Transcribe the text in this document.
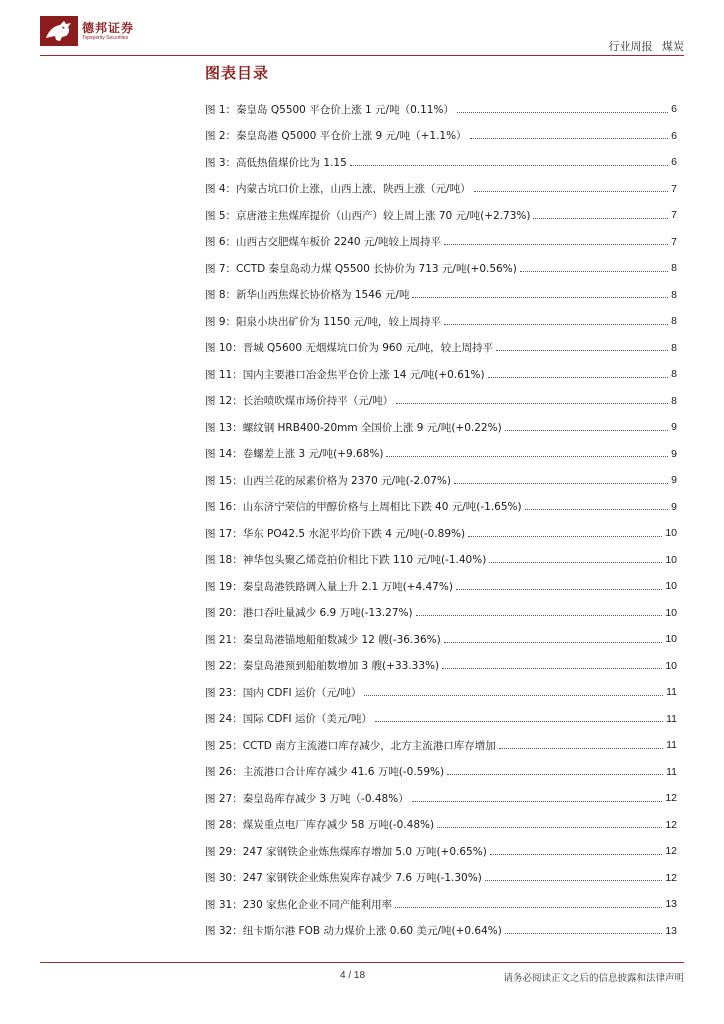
德邦证券
Topsperity Securities
行业周报 煤炭
图表目录
图 1： 秦皇岛 Q5500 平仓价上涨 1 元/吨（0.11%）	6
图 2： 秦皇岛港 Q5000 平仓价上涨 9 元/吨（+1.1%）	6
图 3： 高低热值煤价比为 1.15	6
图 4： 内蒙古坑口价上涨，山西上涨，陕西上涨（元/吨）	7
图 5： 京唐港主焦煤库提价（山西产）较上周上涨 70 元/吨(+2.73%)	7
图 6： 山西古交肥煤车板价 2240 元/吨较上周持平	7
图 7： CCTD 秦皇岛动力煤 Q5500 长协价为 713 元/吨(+0.56%)	8
图 8： 新华山西焦煤长协价格为 1546 元/吨	8
图 9： 阳泉小块出矿价为 1150 元/吨，较上周持平	8
图 10： 晋城 Q5600 无烟煤坑口价为 960 元/吨，较上周持平	8
图 11： 国内主要港口冶金焦平仓价上涨 14 元/吨(+0.61%)	8
图 12： 长治喷吹煤市场价持平（元/吨）	8
图 13： 螺纹钢 HRB400-20mm 全国价上涨 9 元/吨(+0.22%)	9
图 14： 卷螺差上涨 3 元/吨(+9.68%)	9
图 15： 山西兰花的尿素价格为 2370 元/吨(-2.07%)	9
图 16： 山东济宁荣信的甲醇价格与上周相比下跌 40 元/吨(-1.65%)	9
图 17： 华东 PO42.5 水泥平均价下跌 4 元/吨(-0.89%)	10
图 18： 神华包头聚乙烯竞拍价相比下跌 110 元/吨(-1.40%)	10
图 19： 秦皇岛港铁路调入量上升 2.1 万吨(+4.47%)	10
图 20： 港口吞吐量减少 6.9 万吨(-13.27%)	10
图 21： 秦皇岛港锚地船舶数减少 12 艘(-36.36%)	10
图 22： 秦皇岛港预到船舶数增加 3 艘(+33.33%)	10
图 23： 国内 CDFI 运价（元/吨）	11
图 24： 国际 CDFI 运价（美元/吨）	11
图 25： CCTD 南方主流港口库存减少，北方主流港口库存增加	11
图 26： 主流港口合计库存减少 41.6 万吨(-0.59%)	11
图 27： 秦皇岛库存减少 3 万吨（-0.48%）	12
图 28： 煤炭重点电厂库存减少 58 万吨(-0.48%)	12
图 29： 247 家钢铁企业炼焦煤库存增加 5.0 万吨(+0.65%)	12
图 30： 247 家钢铁企业炼焦炭库存减少 7.6 万吨(-1.30%)	12
图 31： 230 家焦化企业不同产能利用率	13
图 32： 纽卡斯尔港 FOB 动力煤价上涨 0.60 美元/吨(+0.64%)	13
4 / 18	请务必阅读正文之后的信息披露和法律声明
